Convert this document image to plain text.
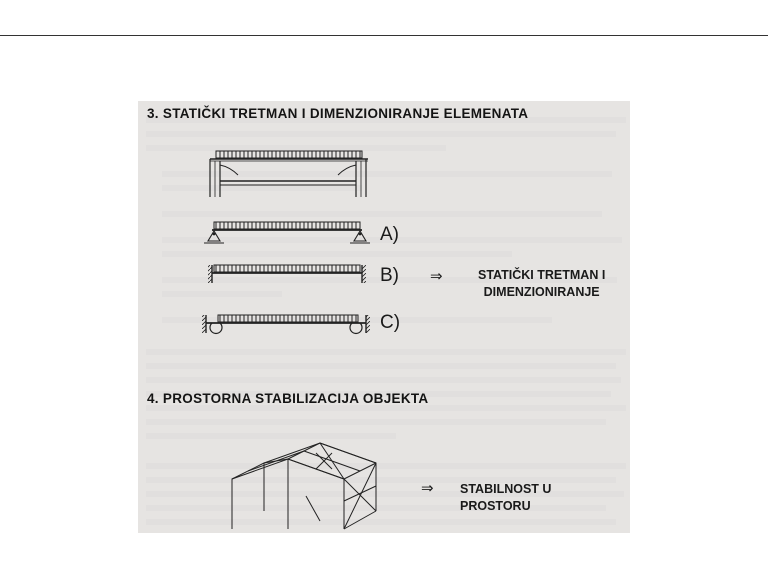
3. STATIČKI TRETMAN I DIMENZIONIRANJE ELEMENATA
A)
B)
C)
⇒	STATIČKI TRETMAN I
DIMENZIONIRANJE
4. PROSTORNA STABILIZACIJA OBJEKTA
⇒ STABILNOST U
PROSTORU
